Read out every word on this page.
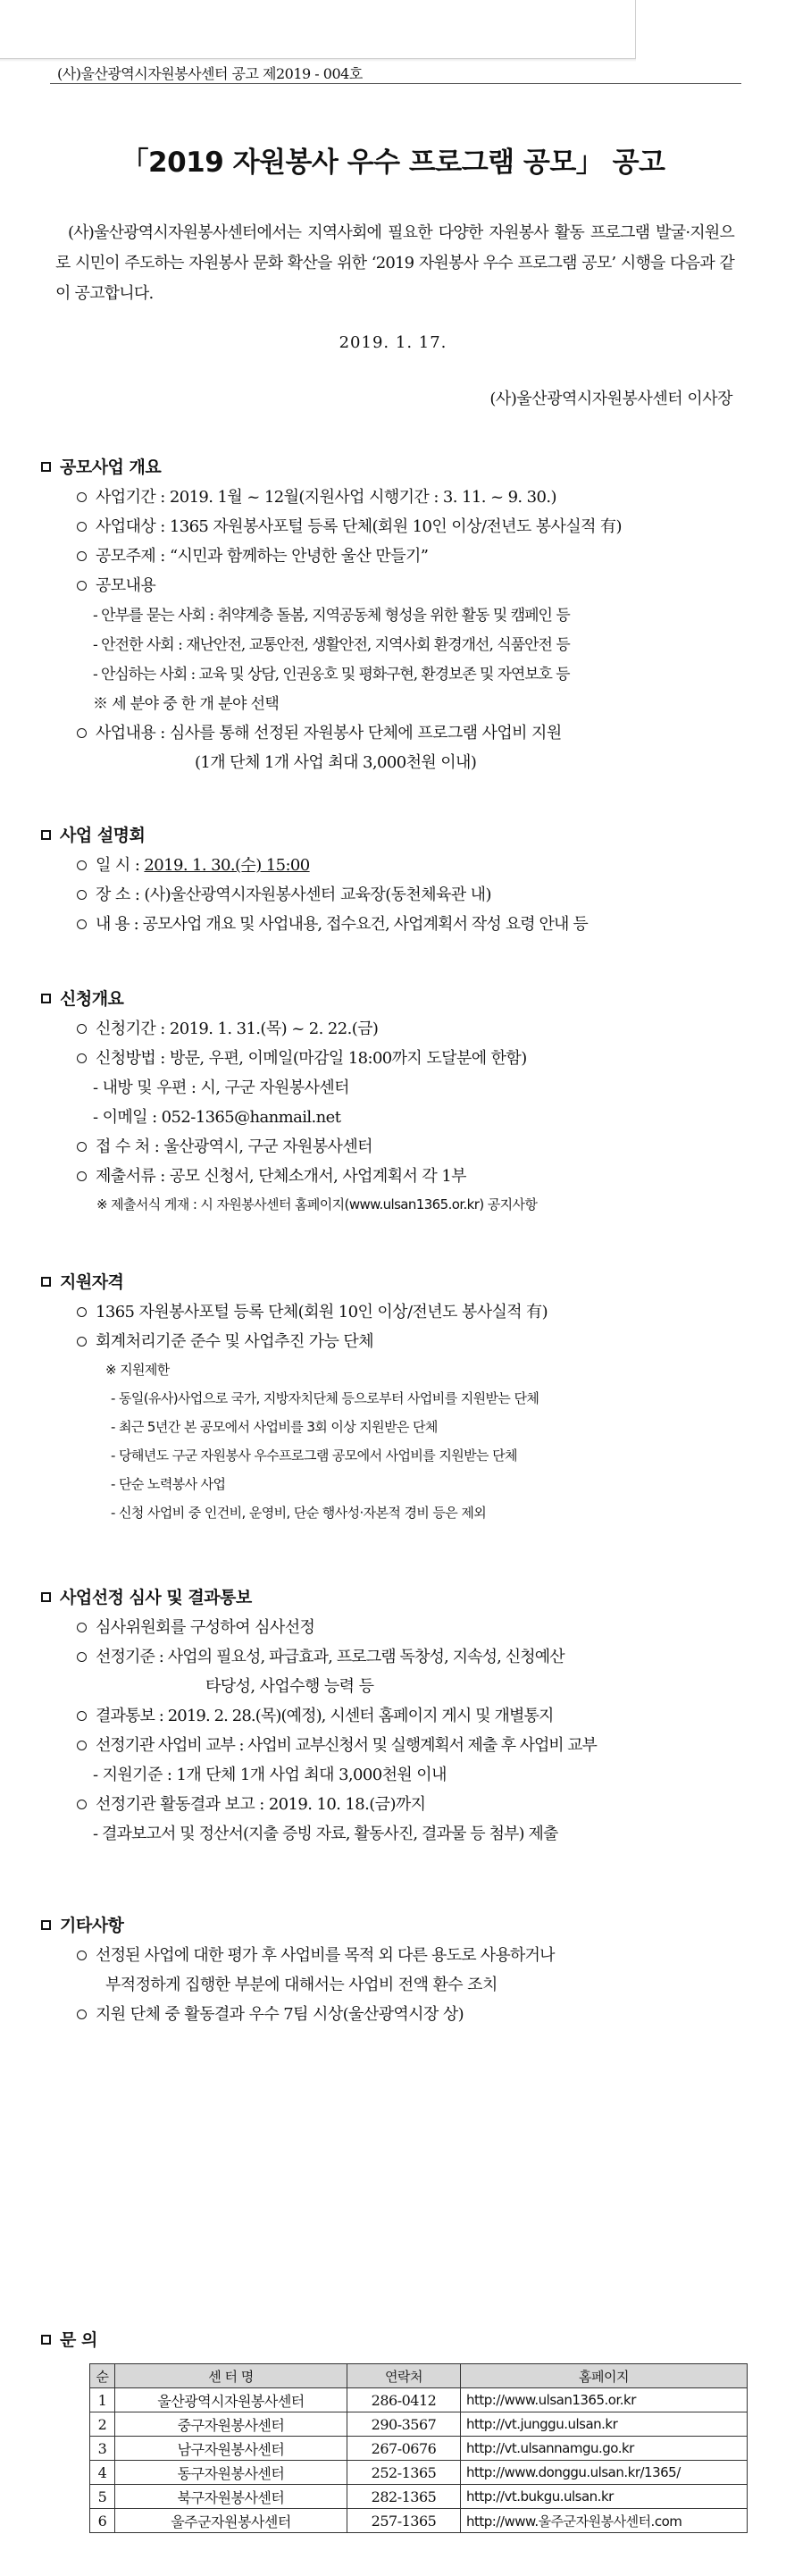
(사)울산광역시자원봉사센터 공고 제2019 - 004호
「2019 자원봉사 우수 프로그램 공모」 공고
(사)울산광역시자원봉사센터에서는 지역사회에 필요한 다양한 자원봉사 활동 프로그램 발굴·지원으로 시민이 주도하는 자원봉사 문화 확산을 위한 ‘2019 자원봉사 우수 프로그램 공모’ 시행을 다음과 같이 공고합니다.
2019. 1. 17.
(사)울산광역시자원봉사센터 이사장
공모사업 개요
사업기간 : 2019. 1월 ~ 12월(지원사업 시행기간 : 3. 11. ~ 9. 30.)
사업대상 : 1365 자원봉사포털 등록 단체(회원 10인 이상/전년도 봉사실적 有)
공모주제 : “시민과 함께하는 안녕한 울산 만들기”
공모내용
- 안부를 묻는 사회 : 취약계층 돌봄, 지역공동체 형성을 위한 활동 및 캠페인 등
- 안전한 사회 : 재난안전, 교통안전, 생활안전, 지역사회 환경개선, 식품안전 등
- 안심하는 사회 : 교육 및 상담, 인권옹호 및 평화구현, 환경보존 및 자연보호 등
※ 세 분야 중 한 개 분야 선택
사업내용 : 심사를 통해 선정된 자원봉사 단체에 프로그램 사업비 지원
(1개 단체 1개 사업 최대 3,000천원 이내)
사업 설명회
일 시 : 2019. 1. 30.(수) 15:00
장 소 : (사)울산광역시자원봉사센터 교육장(동천체육관 내)
내 용 : 공모사업 개요 및 사업내용, 접수요건, 사업계획서 작성 요령 안내 등
신청개요
신청기간 : 2019. 1. 31.(목) ~ 2. 22.(금)
신청방법 : 방문, 우편, 이메일(마감일 18:00까지 도달분에 한함)
- 내방 및 우편 : 시, 구군 자원봉사센터
- 이메일 : 052-1365@hanmail.net
접 수 처 : 울산광역시, 구군 자원봉사센터
제출서류 : 공모 신청서, 단체소개서, 사업계획서 각 1부
※ 제출서식 게재 : 시 자원봉사센터 홈페이지(www.ulsan1365.or.kr) 공지사항
지원자격
1365 자원봉사포털 등록 단체(회원 10인 이상/전년도 봉사실적 有)
회계처리기준 준수 및 사업추진 가능 단체
※ 지원제한
- 동일(유사)사업으로 국가, 지방자치단체 등으로부터 사업비를 지원받는 단체
- 최근 5년간 본 공모에서 사업비를 3회 이상 지원받은 단체
- 당해년도 구군 자원봉사 우수프로그램 공모에서 사업비를 지원받는 단체
- 단순 노력봉사 사업
- 신청 사업비 중 인건비, 운영비, 단순 행사성·자본적 경비 등은 제외
사업선정 심사 및 결과통보
심사위원회를 구성하여 심사선정
선정기준 : 사업의 필요성, 파급효과, 프로그램 독창성, 지속성, 신청예산
타당성, 사업수행 능력 등
결과통보 : 2019. 2. 28.(목)(예정), 시센터 홈페이지 게시 및 개별통지
선정기관 사업비 교부 : 사업비 교부신청서 및 실행계획서 제출 후 사업비 교부
- 지원기준 : 1개 단체 1개 사업 최대 3,000천원 이내
선정기관 활동결과 보고 : 2019. 10. 18.(금)까지
- 결과보고서 및 정산서(지출 증빙 자료, 활동사진, 결과물 등 첨부) 제출
기타사항
선정된 사업에 대한 평가 후 사업비를 목적 외 다른 용도로 사용하거나
부적정하게 집행한 부분에 대해서는 사업비 전액 환수 조치
지원 단체 중 활동결과 우수 7팀 시상(울산광역시장 상)
문 의
순	센 터 명	연락처	홈페이지
1	울산광역시자원봉사센터	286-0412	http://www.ulsan1365.or.kr
2	중구자원봉사센터	290-3567	http://vt.junggu.ulsan.kr
3	남구자원봉사센터	267-0676	http://vt.ulsannamgu.go.kr
4	동구자원봉사센터	252-1365	http://www.donggu.ulsan.kr/1365/
5	북구자원봉사센터	282-1365	http://vt.bukgu.ulsan.kr
6	울주군자원봉사센터	257-1365	http://www.울주군자원봉사센터.com
